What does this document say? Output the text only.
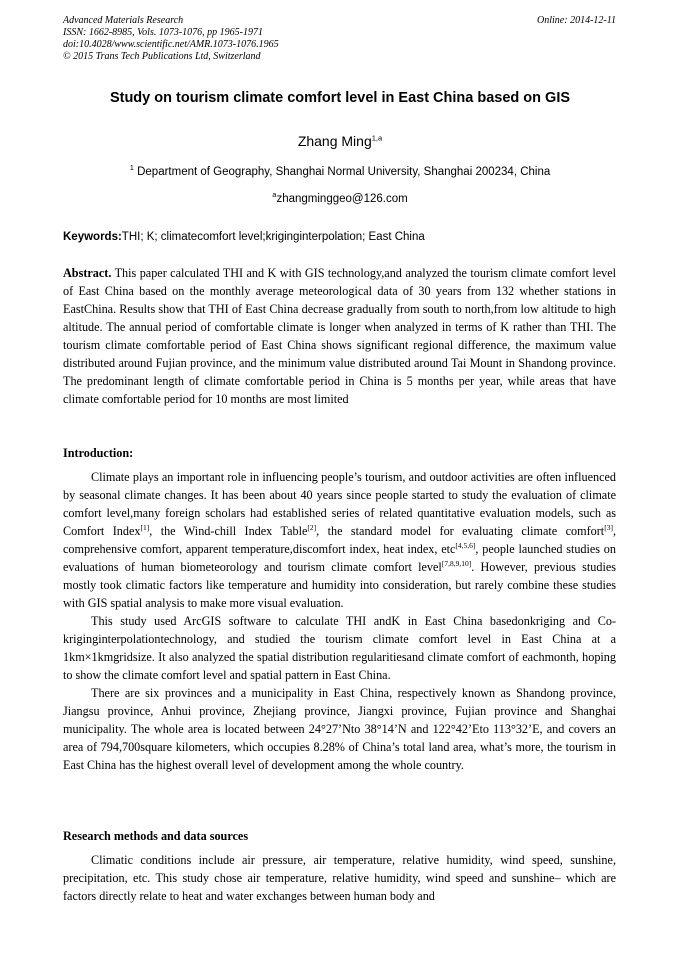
Advanced Materials Research
ISSN: 1662-8985, Vols. 1073-1076, pp 1965-1971
doi:10.4028/www.scientific.net/AMR.1073-1076.1965
© 2015 Trans Tech Publications Ltd, Switzerland
Online: 2014-12-11
Study on tourism climate comfort level in East China based on GIS
Zhang Ming$^{1,a}$
$^1$ Department of Geography, Shanghai Normal University, Shanghai 200234, China
$^a$zhangminggeo@126.com
Keywords:THI; K; climatecomfort level;kriginginterpolation; East China
Abstract. This paper calculated THI and K with GIS technology,and analyzed the tourism climate comfort level of East China based on the monthly average meteorological data of 30 years from 132 whether stations in EastChina. Results show that THI of East China decrease gradually from south to north,from low altitude to high altitude. The annual period of comfortable climate is longer when analyzed in terms of K rather than THI. The tourism climate comfortable period of East China shows significant regional difference, the maximum value distributed around Fujian province, and the minimum value distributed around Tai Mount in Shandong province. The predominant length of climate comfortable period in China is 5 months per year, while areas that have climate comfortable period for 10 months are most limited
Introduction:

Climate plays an important role in influencing people’s tourism, and outdoor activities are often influenced by seasonal climate changes. It has been about 40 years since people started to study the evaluation of climate comfort level,many foreign scholars had established series of related quantitative evaluation models, such as Comfort Index[1], the Wind-chill Index Table[2], the standard model for evaluating climate comfort[3], comprehensive comfort, apparent temperature,discomfort index, heat index, etc[4,5,6], people launched studies on evaluations of human biometeorology and tourism climate comfort level[7,8,9,10]. However, previous studies mostly took climatic factors like temperature and humidity into consideration, but rarely combine these studies with GIS spatial analysis to make more visual evaluation.

This study used ArcGIS software to calculate THI andK in East China basedonkriging and Co-kriginginterpolationtechnology, and studied the tourism climate comfort level in East China at a 1km×1kmgridsize. It also analyzed the spatial distribution regularitiesand climate comfort of eachmonth, hoping to show the climate comfort level and spatial pattern in East China.

There are six provinces and a municipality in East China, respectively known as Shandong province, Jiangsu province, Anhui province, Zhejiang province, Jiangxi province, Fujian province and Shanghai municipality. The whole area is located between 24°27’Nto 38°14’N and 122°42’Eto 113°32’E, and covers an area of 794,700square kilometers, which occupies 8.28% of China’s total land area, what’s more, the tourism in East China has the highest overall level of development among the whole country.

Research methods and data sources

Climatic conditions include air pressure, air temperature, relative humidity, wind speed, sunshine, precipitation, etc. This study chose air temperature, relative humidity, wind speed and sunshine– which are factors directly relate to heat and water exchanges between human body and
